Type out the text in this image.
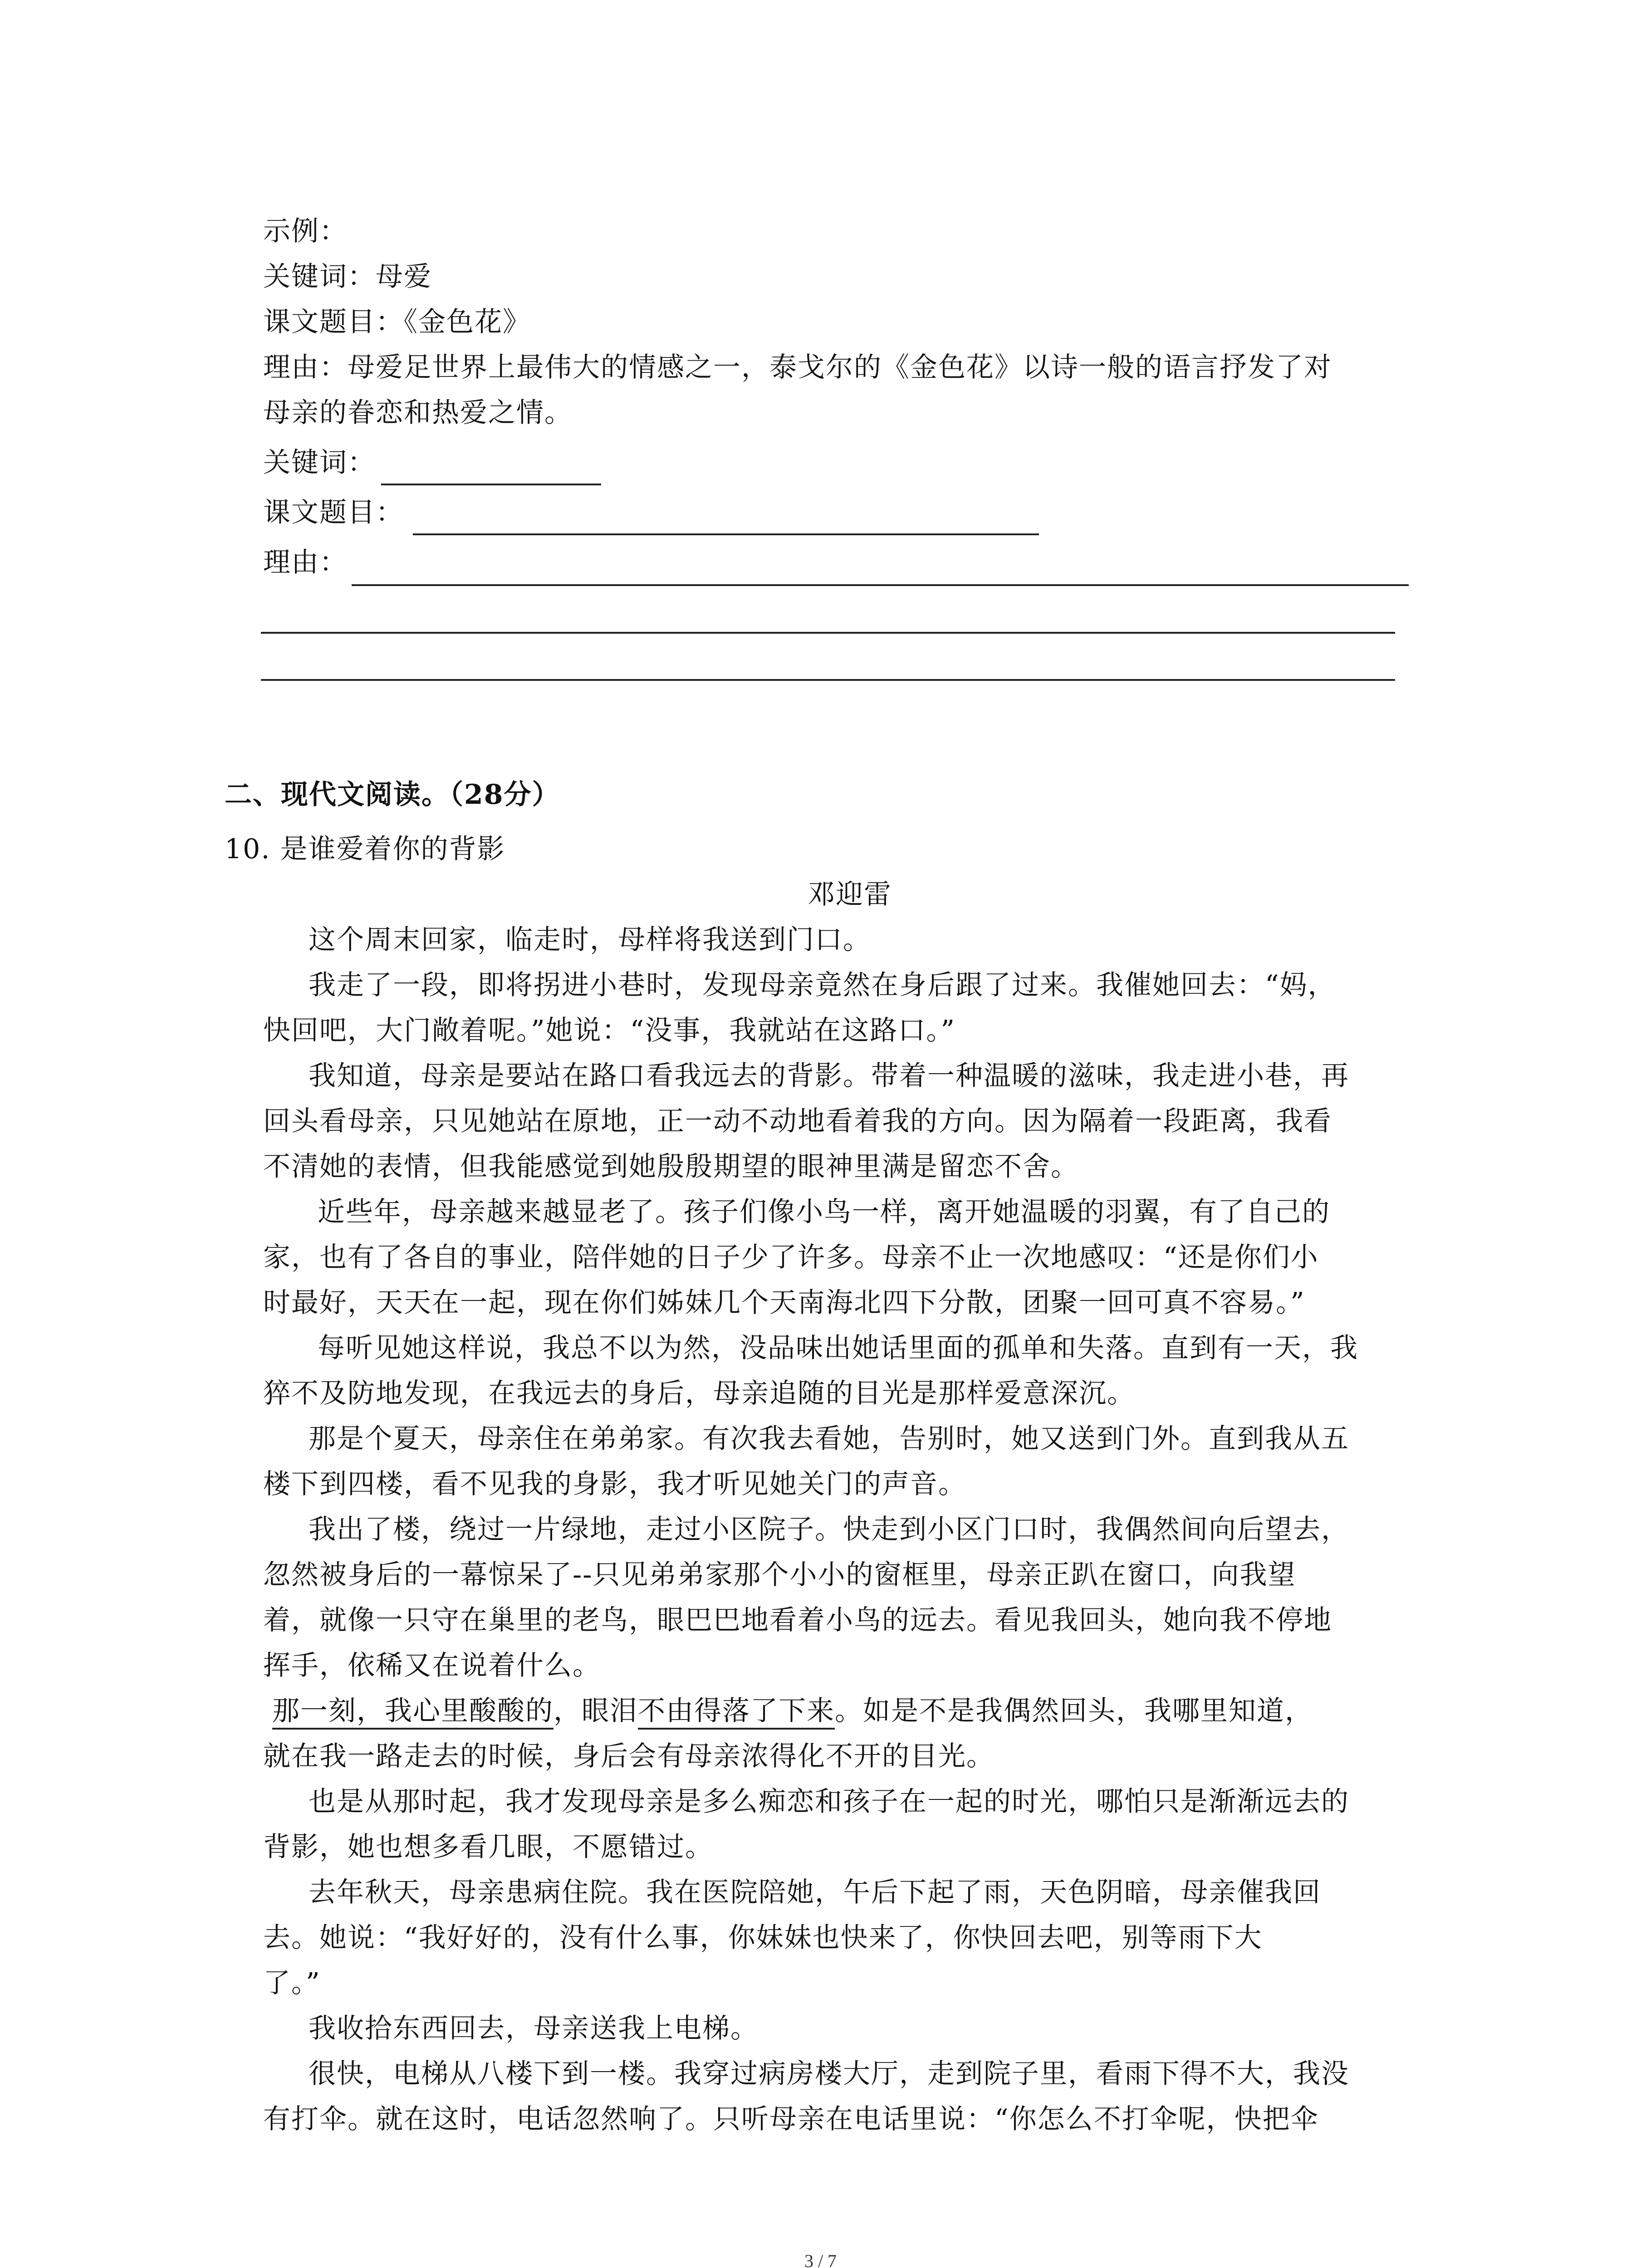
示例：
关键词：母爱
课文题目：《金色花》
理由：母爱足世界上最伟大的情感之一，泰戈尔的《金色花》以诗一般的语言抒发了对
母亲的眷恋和热爱之情。
关键词：
课文题目：
理由：
二、现代文阅读。（28分）
10. 是谁爱着你的背影
邓迎雷
这个周末回家，临走时，母样将我送到门口。
我走了一段，即将拐进小巷时，发现母亲竟然在身后跟了过来。我催她回去：“妈，
快回吧，大门敞着呢。”她说：“没事，我就站在这路口。”
我知道，母亲是要站在路口看我远去的背影。带着一种温暖的滋味，我走进小巷，再
回头看母亲，只见她站在原地，正一动不动地看着我的方向。因为隔着一段距离，我看
不清她的表情，但我能感觉到她殷殷期望的眼神里满是留恋不舍。
近些年，母亲越来越显老了。孩子们像小鸟一样，离开她温暖的羽翼，有了自己的
家，也有了各自的事业，陪伴她的日子少了许多。母亲不止一次地感叹：“还是你们小
时最好，天天在一起，现在你们姊妹几个天南海北四下分散，团聚一回可真不容易。”
每听见她这样说，我总不以为然，没品味出她话里面的孤单和失落。直到有一天，我
猝不及防地发现，在我远去的身后，母亲追随的目光是那样爱意深沉。
那是个夏天，母亲住在弟弟家。有次我去看她，告别时，她又送到门外。直到我从五
楼下到四楼，看不见我的身影，我才听见她关门的声音。
我出了楼，绕过一片绿地，走过小区院子。快走到小区门口时，我偶然间向后望去，
忽然被身后的一幕惊呆了--只见弟弟家那个小小的窗框里，母亲正趴在窗口，向我望
着，就像一只守在巢里的老鸟，眼巴巴地看着小鸟的远去。看见我回头，她向我不停地
挥手，依稀又在说着什么。
那一刻，我心里酸酸的，眼泪不由得落了下来。如是不是我偶然回头，我哪里知道，
就在我一路走去的时候，身后会有母亲浓得化不开的目光。
也是从那时起，我才发现母亲是多么痴恋和孩子在一起的时光，哪怕只是渐渐远去的
背影，她也想多看几眼，不愿错过。
去年秋天，母亲患病住院。我在医院陪她，午后下起了雨，天色阴暗，母亲催我回
去。她说：“我好好的，没有什么事，你妹妹也快来了，你快回去吧，别等雨下大
了。”
我收拾东西回去，母亲送我上电梯。
很快，电梯从八楼下到一楼。我穿过病房楼大厅，走到院子里，看雨下得不大，我没
有打伞。就在这时，电话忽然响了。只听母亲在电话里说：“你怎么不打伞呢，快把伞
3 / 7
